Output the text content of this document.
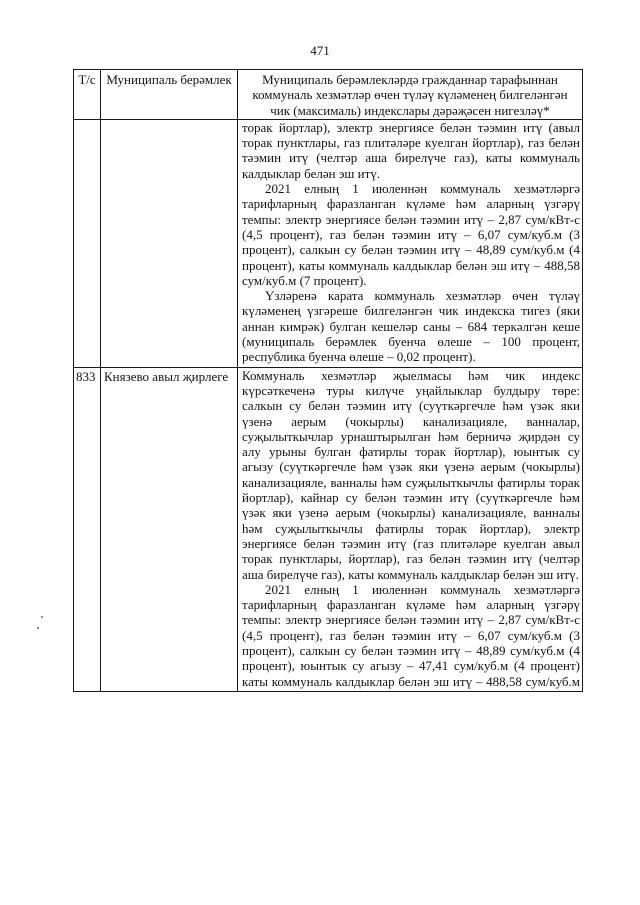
471
Т/с	Муниципаль берәмлек	Муниципаль берәмлекләрдә гражданнар тарафыннан коммуналь хезмәтләр өчен түләү күләменең билгеләнгән чик (максималь) индекслары дәрәҗәсен нигезләү*

		торак йортлар), электр энергиясе белән тәэмин итү (авыл торак пунктлары, газ плитәләре куелган йортлар), газ белән тәэмин итү (челтәр аша бирелүче газ), каты коммуналь калдыклар белән эш итү.
2021 елның 1 июленнән коммуналь хезмәтләргә тарифларның фаразланган күләме һәм аларның үзгәрү темпы: электр энергиясе белән тәэмин итү – 2,87 сум/кВт-с (4,5 процент), газ белән тәэмин итү – 6,07 сум/куб.м (3 процент), салкын су белән тәэмин итү – 48,89 сум/куб.м (4 процент), каты коммуналь калдыклар белән эш итү – 488,58 сум/куб.м (7 процент).
Үзләренә карата коммуналь хезмәтләр өчен түләү күләменең үзгәреше билгеләнгән чик индекска тигез (яки аннан кимрәк) булган кешеләр саны – 684 теркәлгән кеше (муниципаль берәмлек буенча өлеше – 100 процент, республика буенча өлеше – 0,02 процент).

833	Князево авыл җирлеге	Коммуналь хезмәтләр җыелмасы һәм чик индекс күрсәткеченә туры килүче уңайлыклар булдыру төре: салкын су белән тәэмин итү (суүткәргечле һәм үзәк яки үзенә аерым (чокырлы) канализацияле, ванналар, суҗылыткычлар урнаштырылган һәм берничә җирдән су алу урыны булган фатирлы торак йортлар), юынтык су агызу (суүткәргечле һәм үзәк яки үзенә аерым (чокырлы) канализацияле, ванналы һәм суҗылыткычлы фатирлы торак йортлар), кайнар су белән тәэмин итү (суүткәргечле һәм үзәк яки үзенә аерым (чокырлы) канализацияле, ванналы һәм суҗылыткычлы фатирлы торак йортлар), электр энергиясе белән тәэмин итү (газ плитәләре куелган авыл торак пунктлары, йортлар), газ белән тәэмин итү (челтәр аша бирелүче газ), каты коммуналь калдыклар белән эш итү.
2021 елның 1 июленнән коммуналь хезмәтләргә тарифларның фаразланган күләме һәм аларның үзгәрү темпы: электр энергиясе белән тәэмин итү – 2,87 сум/кВт-с (4,5 процент), газ белән тәэмин итү – 6,07 сум/куб.м (3 процент), салкын су белән тәэмин итү – 48,89 сум/куб.м (4 процент), юынтык су агызу – 47,41 сум/куб.м (4 процент) каты коммуналь калдыклар белән эш итү – 488,58 сум/куб.м
